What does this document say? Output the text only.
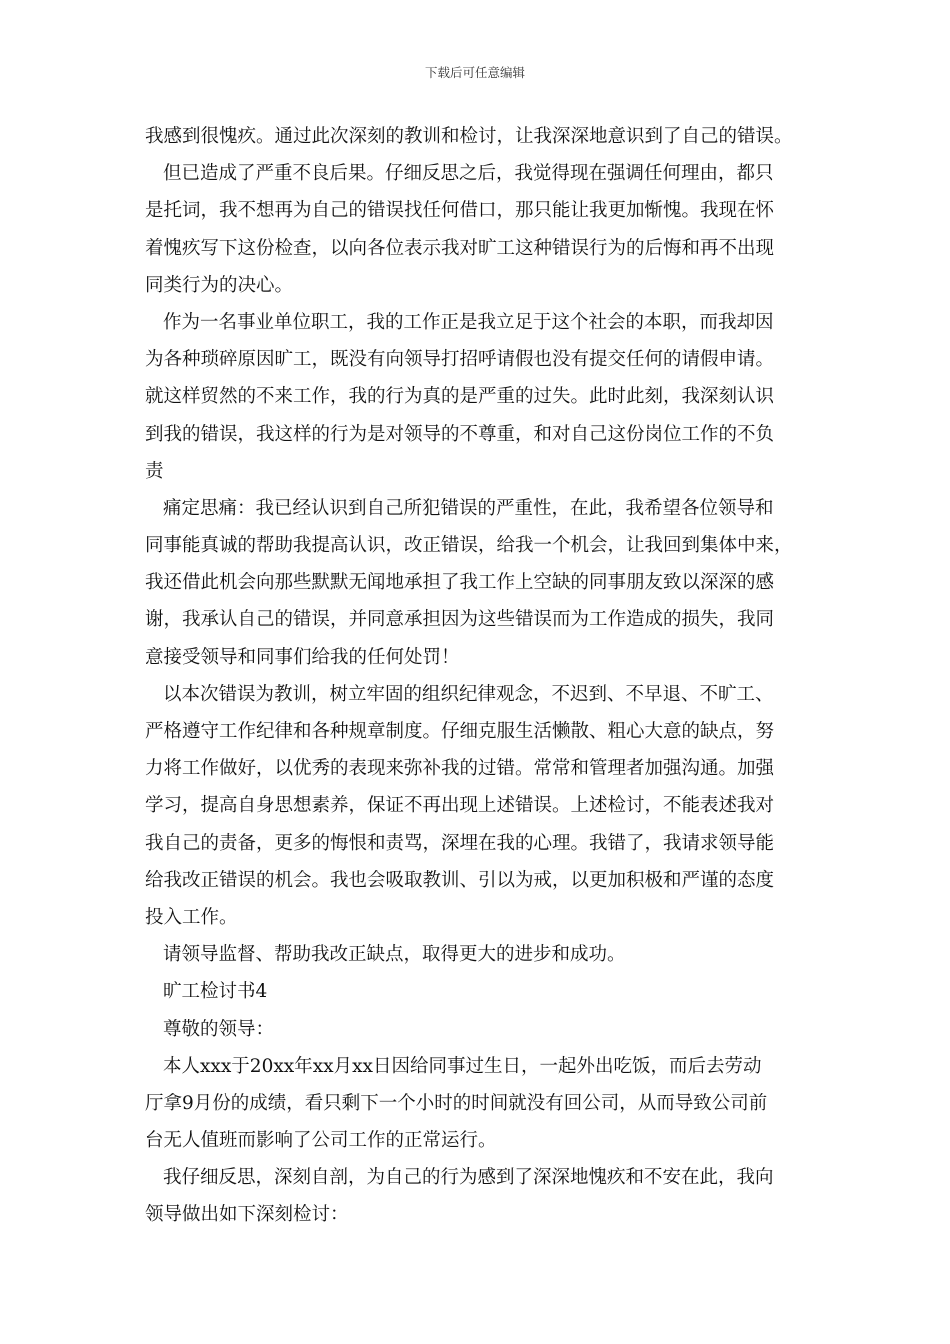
下载后可任意编辑
我感到很愧疚。通过此次深刻的教训和检讨，让我深深地意识到了自己的错误。
但已造成了严重不良后果。仔细反思之后，我觉得现在强调任何理由，都只
是托词，我不想再为自己的错误找任何借口，那只能让我更加惭愧。我现在怀
着愧疚写下这份检查，以向各位表示我对旷工这种错误行为的后悔和再不出现
同类行为的决心。
作为一名事业单位职工，我的工作正是我立足于这个社会的本职，而我却因
为各种琐碎原因旷工，既没有向领导打招呼请假也没有提交任何的请假申请。
就这样贸然的不来工作，我的行为真的是严重的过失。此时此刻，我深刻认识
到我的错误，我这样的行为是对领导的不尊重，和对自己这份岗位工作的不负
责
痛定思痛：我已经认识到自己所犯错误的严重性，在此，我希望各位领导和
同事能真诚的帮助我提高认识，改正错误，给我一个机会，让我回到集体中来，
我还借此机会向那些默默无闻地承担了我工作上空缺的同事朋友致以深深的感
谢，我承认自己的错误，并同意承担因为这些错误而为工作造成的损失，我同
意接受领导和同事们给我的任何处罚！
以本次错误为教训，树立牢固的组织纪律观念，不迟到、不早退、不旷工、
严格遵守工作纪律和各种规章制度。仔细克服生活懒散、粗心大意的缺点，努
力将工作做好，以优秀的表现来弥补我的过错。常常和管理者加强沟通。加强
学习，提高自身思想素养，保证不再出现上述错误。上述检讨，不能表述我对
我自己的责备，更多的悔恨和责骂，深埋在我的心理。我错了，我请求领导能
给我改正错误的机会。我也会吸取教训、引以为戒，以更加积极和严谨的态度
投入工作。
请领导监督、帮助我改正缺点，取得更大的进步和成功。
旷工检讨书4
尊敬的领导：
本人xxx于20xx年xx月xx日因给同事过生日，一起外出吃饭，而后去劳动
厅拿9月份的成绩，看只剩下一个小时的时间就没有回公司，从而导致公司前
台无人值班而影响了公司工作的正常运行。
我仔细反思，深刻自剖，为自己的行为感到了深深地愧疚和不安在此，我向
领导做出如下深刻检讨：
